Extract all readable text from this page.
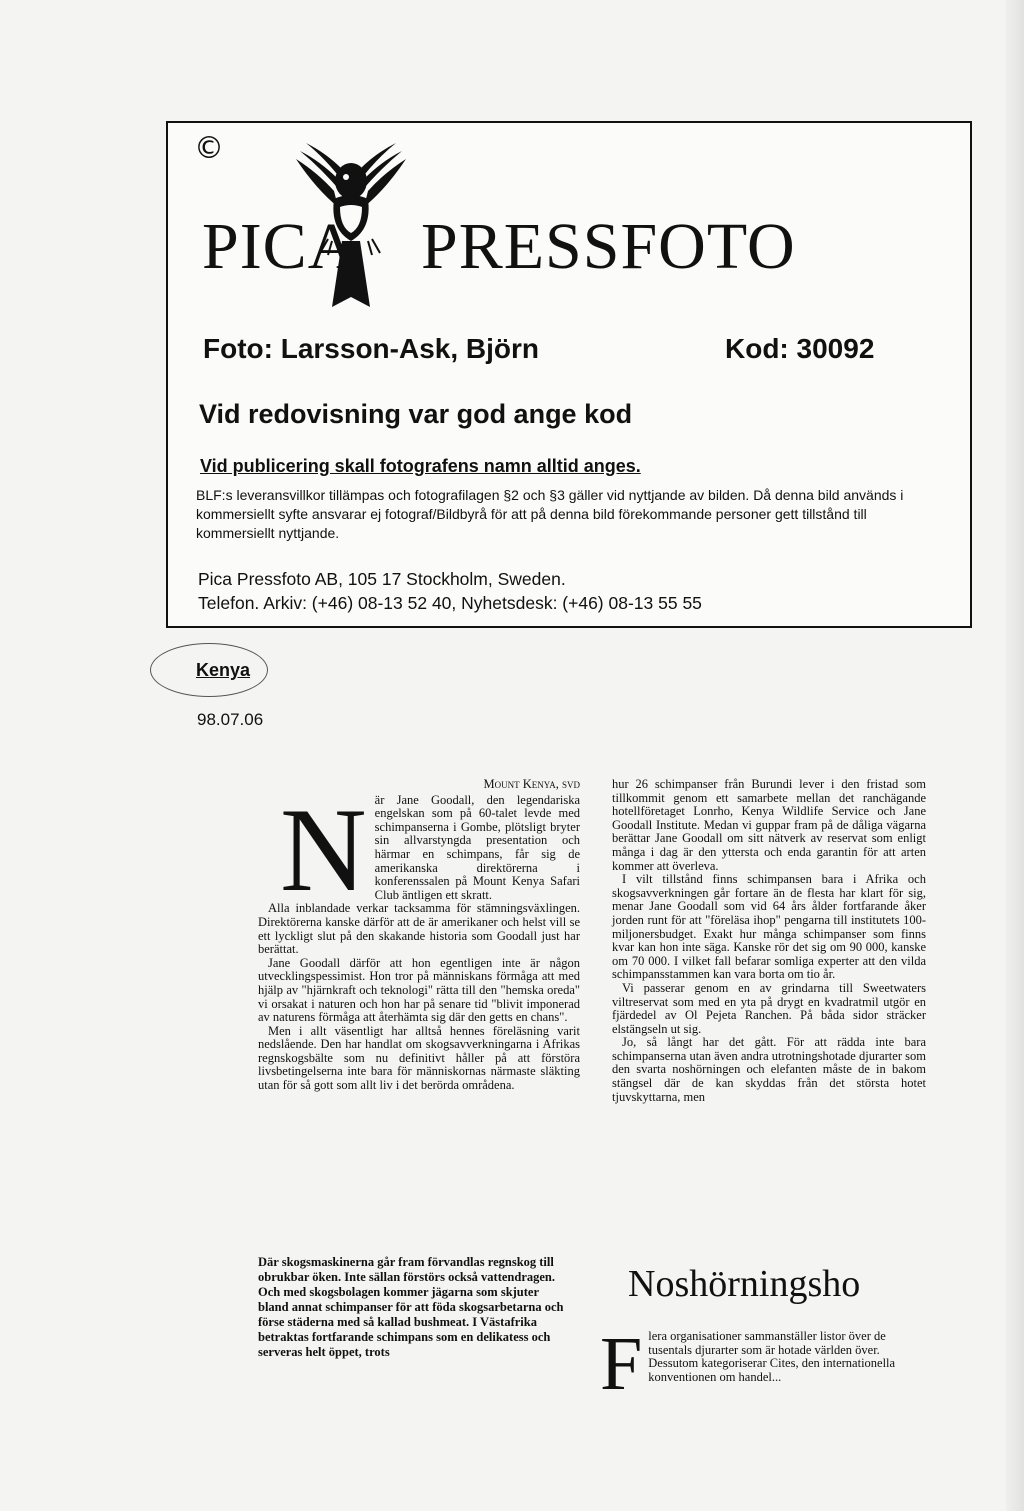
©
PICA PRESSFOTO
Foto: Larsson-Ask, Björn	Kod: 30092
Vid redovisning var god ange kod
Vid publicering skall fotografens namn alltid anges.
BLF:s leveransvillkor tillämpas och fotografilagen §2 och §3 gäller vid nyttjande av bilden. Då denna bild används i kommersiellt syfte ansvarar ej fotograf/Bildbyrå för att på denna bild förekommande personer gett tillstånd till kommersiellt nyttjande.
Pica Pressfoto AB, 105 17 Stockholm, Sweden.
Telefon. Arkiv: (+46) 08-13 52 40, Nyhetsdesk: (+46) 08-13 55 55
Kenya
98.07.06

Mount Kenya, svd

N är Jane Goodall, den legendariska engelskan som på 60-talet levde med schimpanserna i Gombe, plötsligt bryter sin allvarstyngda presentation och härmar en schimpans, får sig de amerikanska direktörerna i konferenssalen på Mount Kenya Safari Club äntligen ett skratt.

Alla inblandade verkar tacksamma för stämningsväxlingen. Direktörerna kanske därför att de är amerikaner och helst vill se ett lyckligt slut på den skakande historia som Goodall just har berättat.

Jane Goodall därför att hon egentligen inte är någon utvecklingspessimist. Hon tror på människans förmåga att med hjälp av "hjärnkraft och teknologi" rätta till den "hemska oreda" vi orsakat i naturen och hon har på senare tid "blivit imponerad av naturens förmåga att återhämta sig där den getts en chans".

Men i allt väsentligt har alltså hennes föreläsning varit nedslående. Den har handlat om skogsavverkningarna i Afrikas regnskogsbälte som nu definitivt håller på att förstöra livsbetingelserna inte bara för människornas närmaste släkting utan för så gott som allt liv i det berörda områdena.

Där skogsmaskinerna går fram förvandlas regnskog till obrukbar öken. Inte sällan förstörs också vattendragen. Och med skogsbolagen kommer jägarna som skjuter bland annat schimpanser för att föda skogsarbetarna och förse städerna med så kallad bushmeat. I Västafrika betraktas fortfarande schimpans som en delikatess och serveras helt öppet, trots

hur 26 schimpanser från Burundi lever i den fristad som tillkommit genom ett samarbete mellan det ranchägande hotellföretaget Lonrho, Kenya Wildlife Service och Jane Goodall Institute. Medan vi guppar fram på de dåliga vägarna berättar Jane Goodall om sitt nätverk av reservat som enligt många i dag är den yttersta och enda garantin för att arten kommer att överleva.

I vilt tillstånd finns schimpansen bara i Afrika och skogsavverkningen går fortare än de flesta har klart för sig, menar Jane Goodall som vid 64 års ålder fortfarande åker jorden runt för att "föreläsa ihop" pengarna till institutets 100-miljonersbudget. Exakt hur många schimpanser som finns kvar kan hon inte säga. Kanske rör det sig om 90 000, kanske om 70 000. I vilket fall befarar somliga experter att den vilda schimpansstammen kan vara borta om tio år.

Vi passerar genom en av grindarna till Sweetwaters viltreservat som med en yta på drygt en kvadratmil utgör en fjärdedel av Ol Pejeta Ranchen. På båda sidor sträcker elstängseln ut sig.

Jo, så långt har det gått. För att rädda inte bara schimpanserna utan även andra utrotningshotade djurarter som den svarta noshörningen och elefanten måste de in bakom stängsel där de kan skyddas från det största hotet tjuvskyttarna, men

Noshörningsho
F lera organisationer sammanställer listor över de tusentals djurarter som är hotade världen över. Dessutom kategoriserar Cites, den internationella konventionen om handel...
